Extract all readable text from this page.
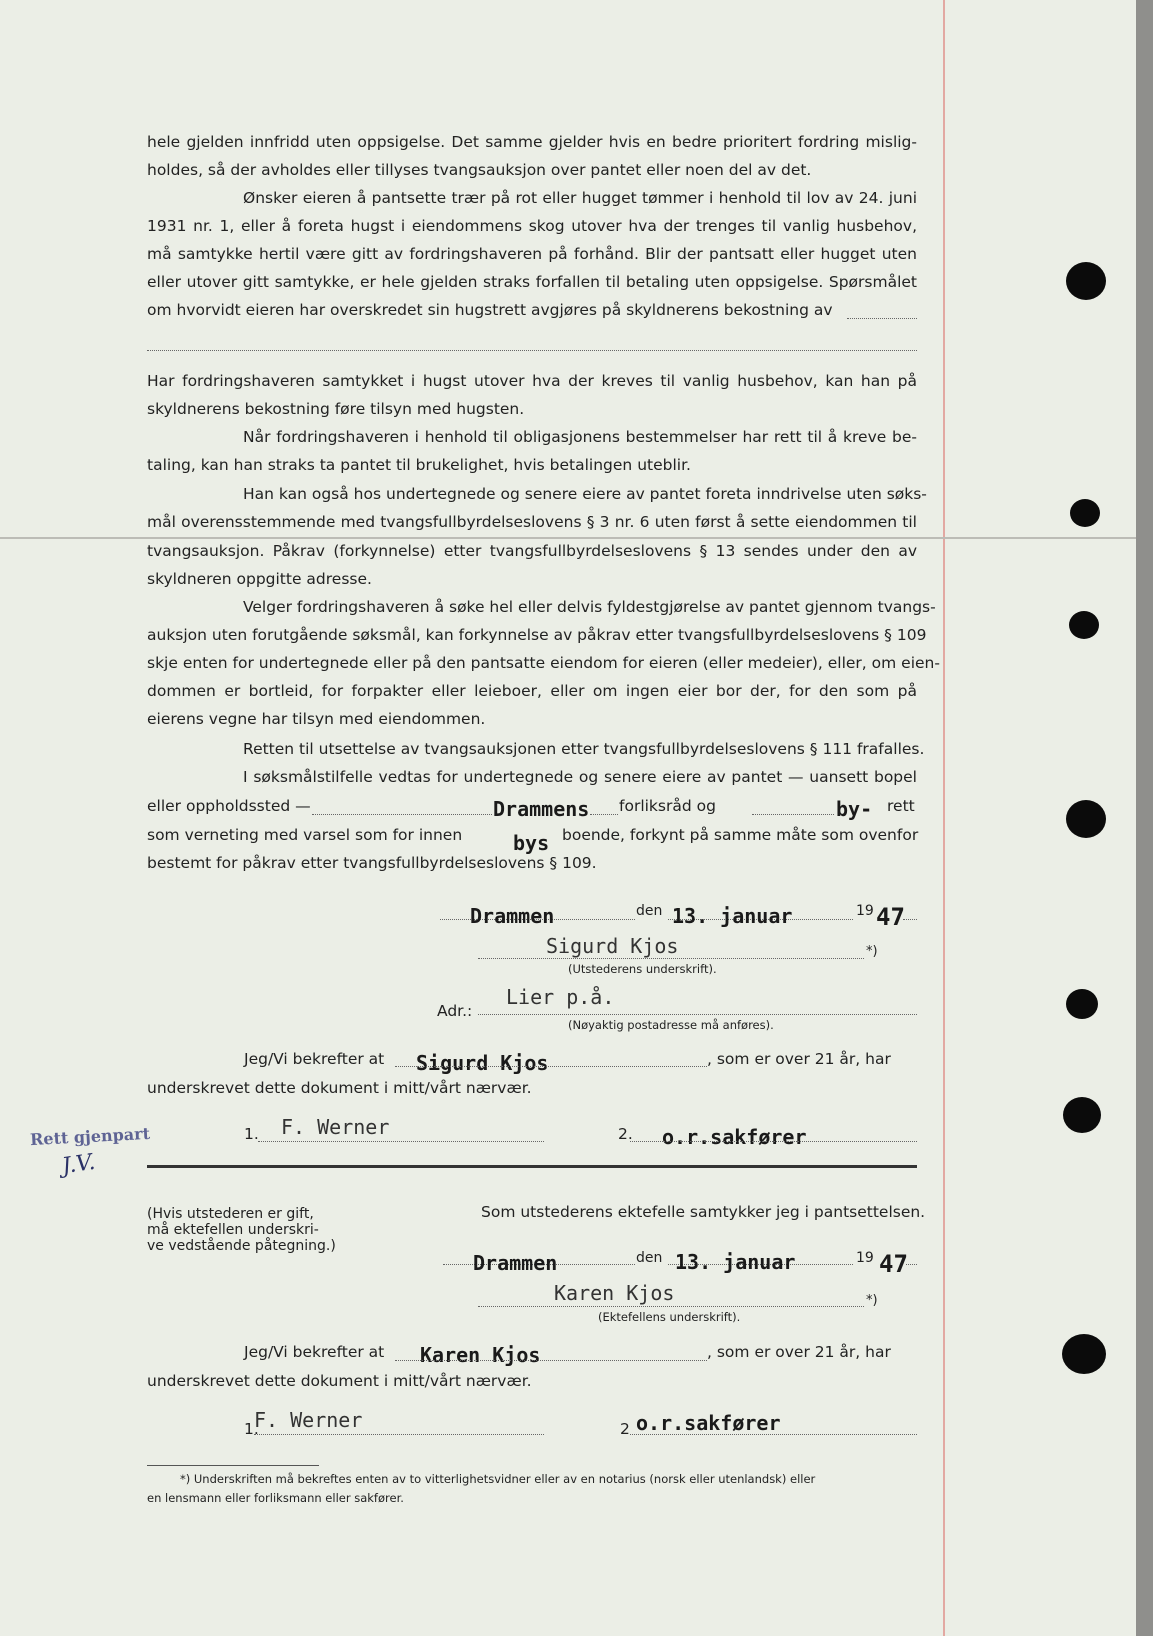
hele gjelden innfridd uten oppsigelse. Det samme gjelder hvis en bedre prioritert fordring mislig-
holdes, så der avholdes eller tillyses tvangsauksjon over pantet eller noen del av det.
Ønsker eieren å pantsette trær på rot eller hugget tømmer i henhold til lov av 24. juni
1931 nr. 1, eller å foreta hugst i eiendommens skog utover hva der trenges til vanlig husbehov,
må samtykke hertil være gitt av fordringshaveren på forhånd. Blir der pantsatt eller hugget uten
eller utover gitt samtykke, er hele gjelden straks forfallen til betaling uten oppsigelse. Spørsmålet
om hvorvidt eieren har overskredet sin hugstrett avgjøres på skyldnerens bekostning av
Har fordringshaveren samtykket i hugst utover hva der kreves til vanlig husbehov, kan han på
skyldnerens bekostning føre tilsyn med hugsten.
Når fordringshaveren i henhold til obligasjonens bestemmelser har rett til å kreve be-
taling, kan han straks ta pantet til brukelighet, hvis betalingen uteblir.
Han kan også hos undertegnede og senere eiere av pantet foreta inndrivelse uten søks-
mål overensstemmende med tvangsfullbyrdelseslovens § 3 nr. 6 uten først å sette eiendommen til
tvangsauksjon. Påkrav (forkynnelse) etter tvangsfullbyrdelseslovens § 13 sendes under den av
skyldneren oppgitte adresse.
Velger fordringshaveren å søke hel eller delvis fyldestgjørelse av pantet gjennom tvangs-
auksjon uten forutgående søksmål, kan forkynnelse av påkrav etter tvangsfullbyrdelseslovens § 109
skje enten for undertegnede eller på den pantsatte eiendom for eieren (eller medeier), eller, om eien-
dommen er bortleid, for forpakter eller leieboer, eller om ingen eier bor der, for den som på
eierens vegne har tilsyn med eiendommen.
Retten til utsettelse av tvangsauksjonen etter tvangsfullbyrdelseslovens § 111 frafalles.
I søksmålstilfelle vedtas for undertegnede og senere eiere av pantet — uansett bopel
eller oppholdssted —	Drammens forliksråd og	by- rett
som verneting med varsel som for innen	bys boende, forkynt på samme måte som ovenfor
bestemt for påkrav etter tvangsfullbyrdelseslovens § 109.
Drammen	den 13. januar	19 47
Sigurd Kjos	*)
(Utstederens underskrift).
Adr.:
Lier p.å.
(Nøyaktig postadresse må anføres).
Jeg/Vi bekrefter at Sigurd Kjos	, som er over 21 år, har
underskrevet dette dokument i mitt/vårt nærvær.
1. F. Werner	2. o.r.sakfører
Rett gjenpart
J.V.
(Hvis utstederen er gift,
må ektefellen underskri-
ve vedstående påtegning.)
Som utstederens ektefelle samtykker jeg i pantsettelsen.
Drammen	den 13. januar	19 47
Karen Kjos	*)
(Ektefellens underskrift).
Jeg/Vi bekrefter at Karen Kjos	, som er over 21 år, har
underskrevet dette dokument i mitt/vårt nærvær.
1.
F. Werner	2 o.r.sakfører
*) Underskriften må bekreftes enten av to vitterlighetsvidner eller av en notarius (norsk eller utenlandsk) eller
en lensmann eller forliksmann eller sakfører.
